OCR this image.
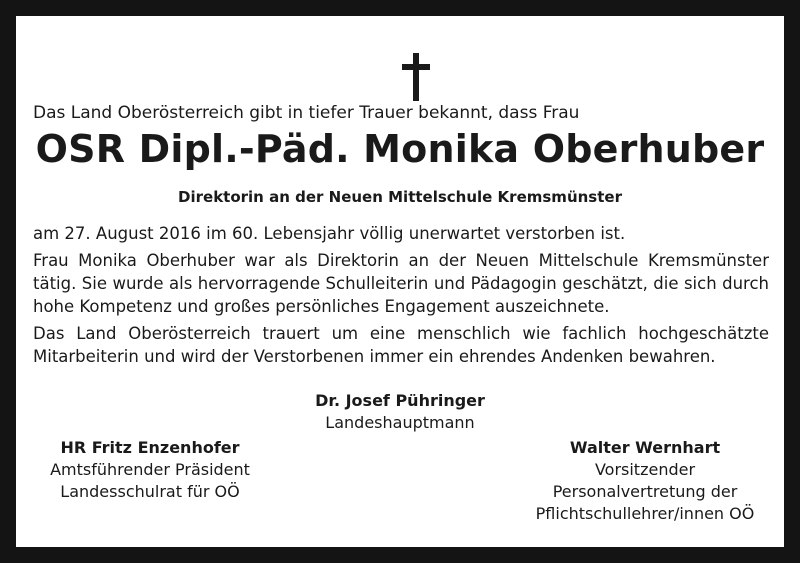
Das Land Oberösterreich gibt in tiefer Trauer bekannt, dass Frau
OSR Dipl.-Päd. Monika Oberhuber
Direktorin an der Neuen Mittelschule Kremsmünster
am 27. August 2016 im 60. Lebensjahr völlig unerwartet verstorben ist.
Frau Monika Oberhuber war als Direktorin an der Neuen Mittelschule Kremsmünster tätig. Sie wurde als hervorragende Schulleiterin und Pädagogin geschätzt, die sich durch hohe Kompetenz und großes persönliches Engagement auszeichnete.
Das Land Oberösterreich trauert um eine menschlich wie fachlich hochgeschätzte Mitarbeiterin und wird der Verstorbenen immer ein ehrendes Andenken bewahren.
Dr. Josef Pühringer
Landeshauptmann
HR Fritz Enzenhofer
Amtsführender Präsident
Landesschulrat für OÖ
Walter Wernhart
Vorsitzender
Personalvertretung der
Pflichtschullehrer/innen OÖ
